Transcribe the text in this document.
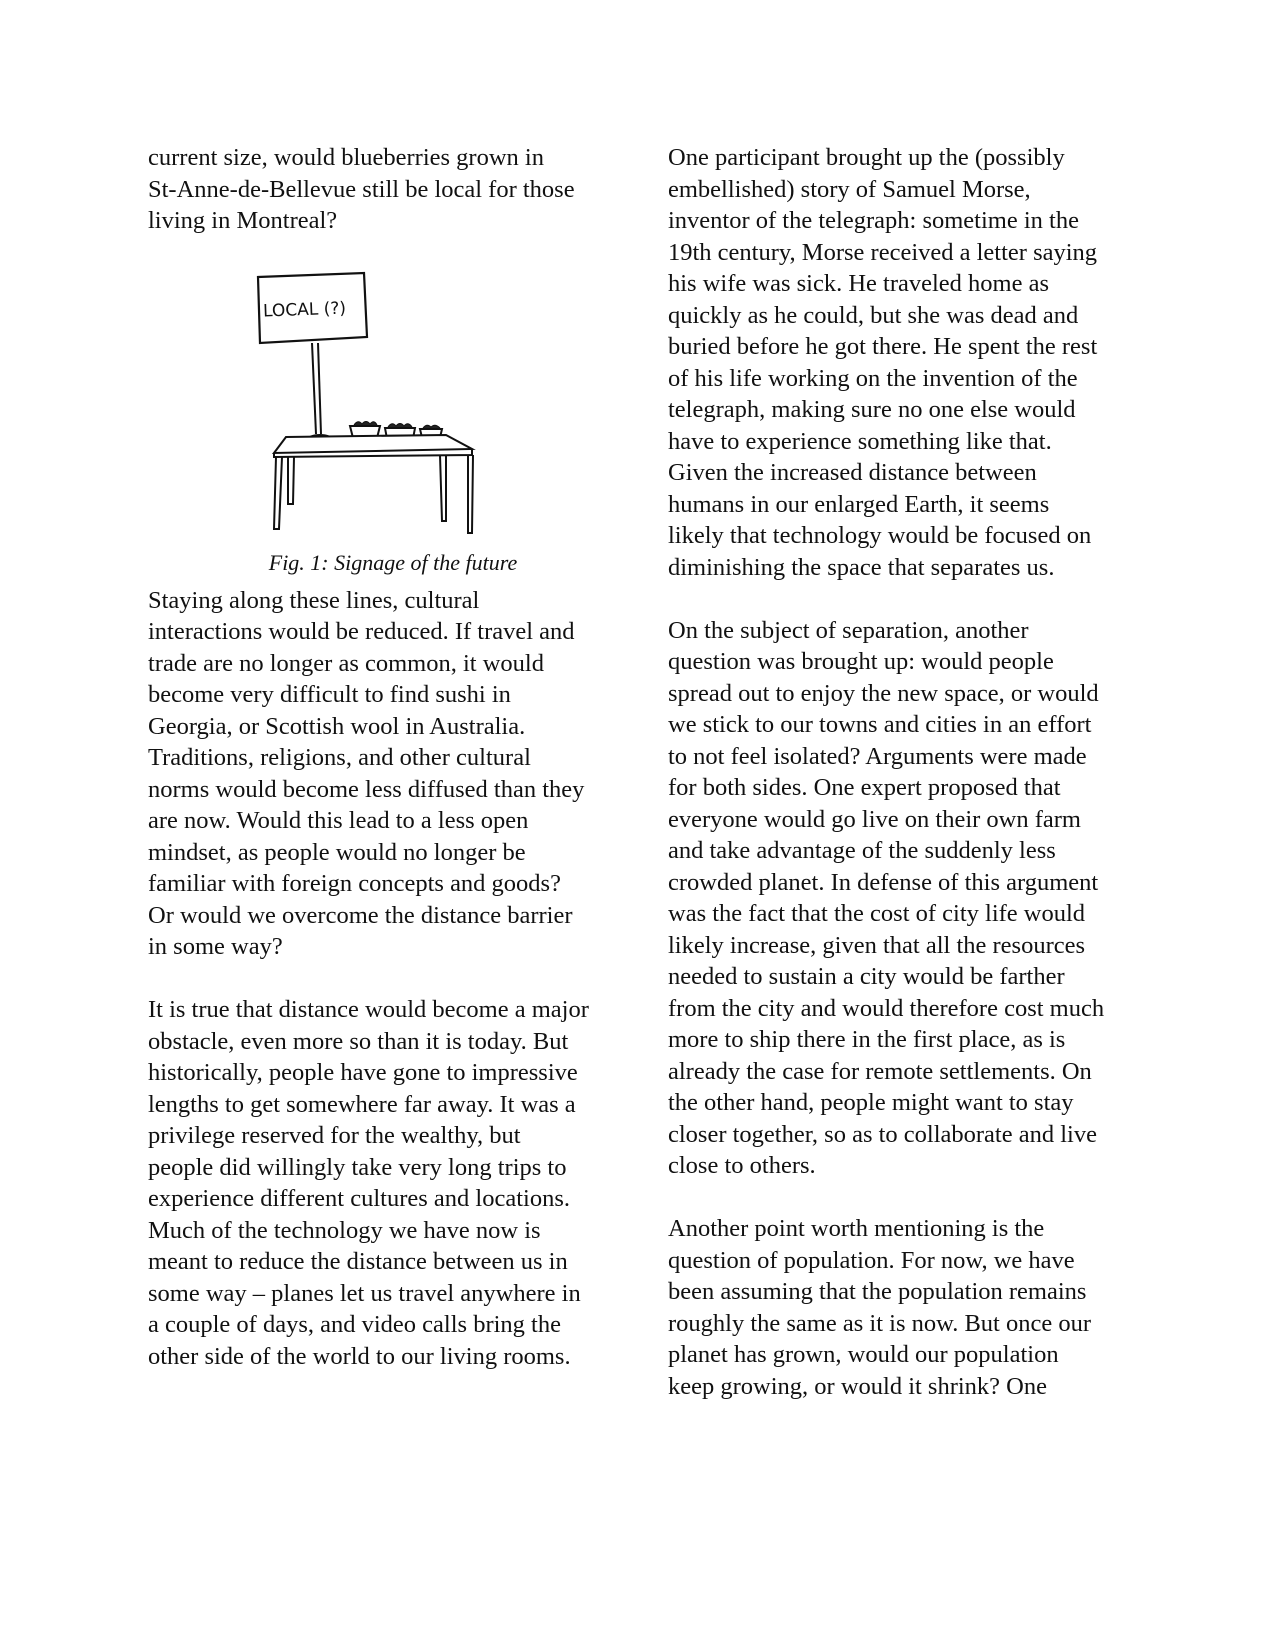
current size, would blueberries grown in
St-Anne-de-Bellevue still be local for those
living in Montreal?

LOCAL (?)
Fig. 1: Signage of the future

Staying along these lines, cultural
interactions would be reduced. If travel and
trade are no longer as common, it would
become very difficult to find sushi in
Georgia, or Scottish wool in Australia.
Traditions, religions, and other cultural
norms would become less diffused than they
are now. Would this lead to a less open
mindset, as people would no longer be
familiar with foreign concepts and goods?
Or would we overcome the distance barrier
in some way?

It is true that distance would become a major
obstacle, even more so than it is today. But
historically, people have gone to impressive
lengths to get somewhere far away. It was a
privilege reserved for the wealthy, but
people did willingly take very long trips to
experience different cultures and locations.
Much of the technology we have now is
meant to reduce the distance between us in
some way – planes let us travel anywhere in
a couple of days, and video calls bring the
other side of the world to our living rooms.

One participant brought up the (possibly
embellished) story of Samuel Morse,
inventor of the telegraph: sometime in the
19th century, Morse received a letter saying
his wife was sick. He traveled home as
quickly as he could, but she was dead and
buried before he got there. He spent the rest
of his life working on the invention of the
telegraph, making sure no one else would
have to experience something like that.
Given the increased distance between
humans in our enlarged Earth, it seems
likely that technology would be focused on
diminishing the space that separates us.

On the subject of separation, another
question was brought up: would people
spread out to enjoy the new space, or would
we stick to our towns and cities in an effort
to not feel isolated? Arguments were made
for both sides. One expert proposed that
everyone would go live on their own farm
and take advantage of the suddenly less
crowded planet. In defense of this argument
was the fact that the cost of city life would
likely increase, given that all the resources
needed to sustain a city would be farther
from the city and would therefore cost much
more to ship there in the first place, as is
already the case for remote settlements. On
the other hand, people might want to stay
closer together, so as to collaborate and live
close to others.

Another point worth mentioning is the
question of population. For now, we have
been assuming that the population remains
roughly the same as it is now. But once our
planet has grown, would our population
keep growing, or would it shrink? One
